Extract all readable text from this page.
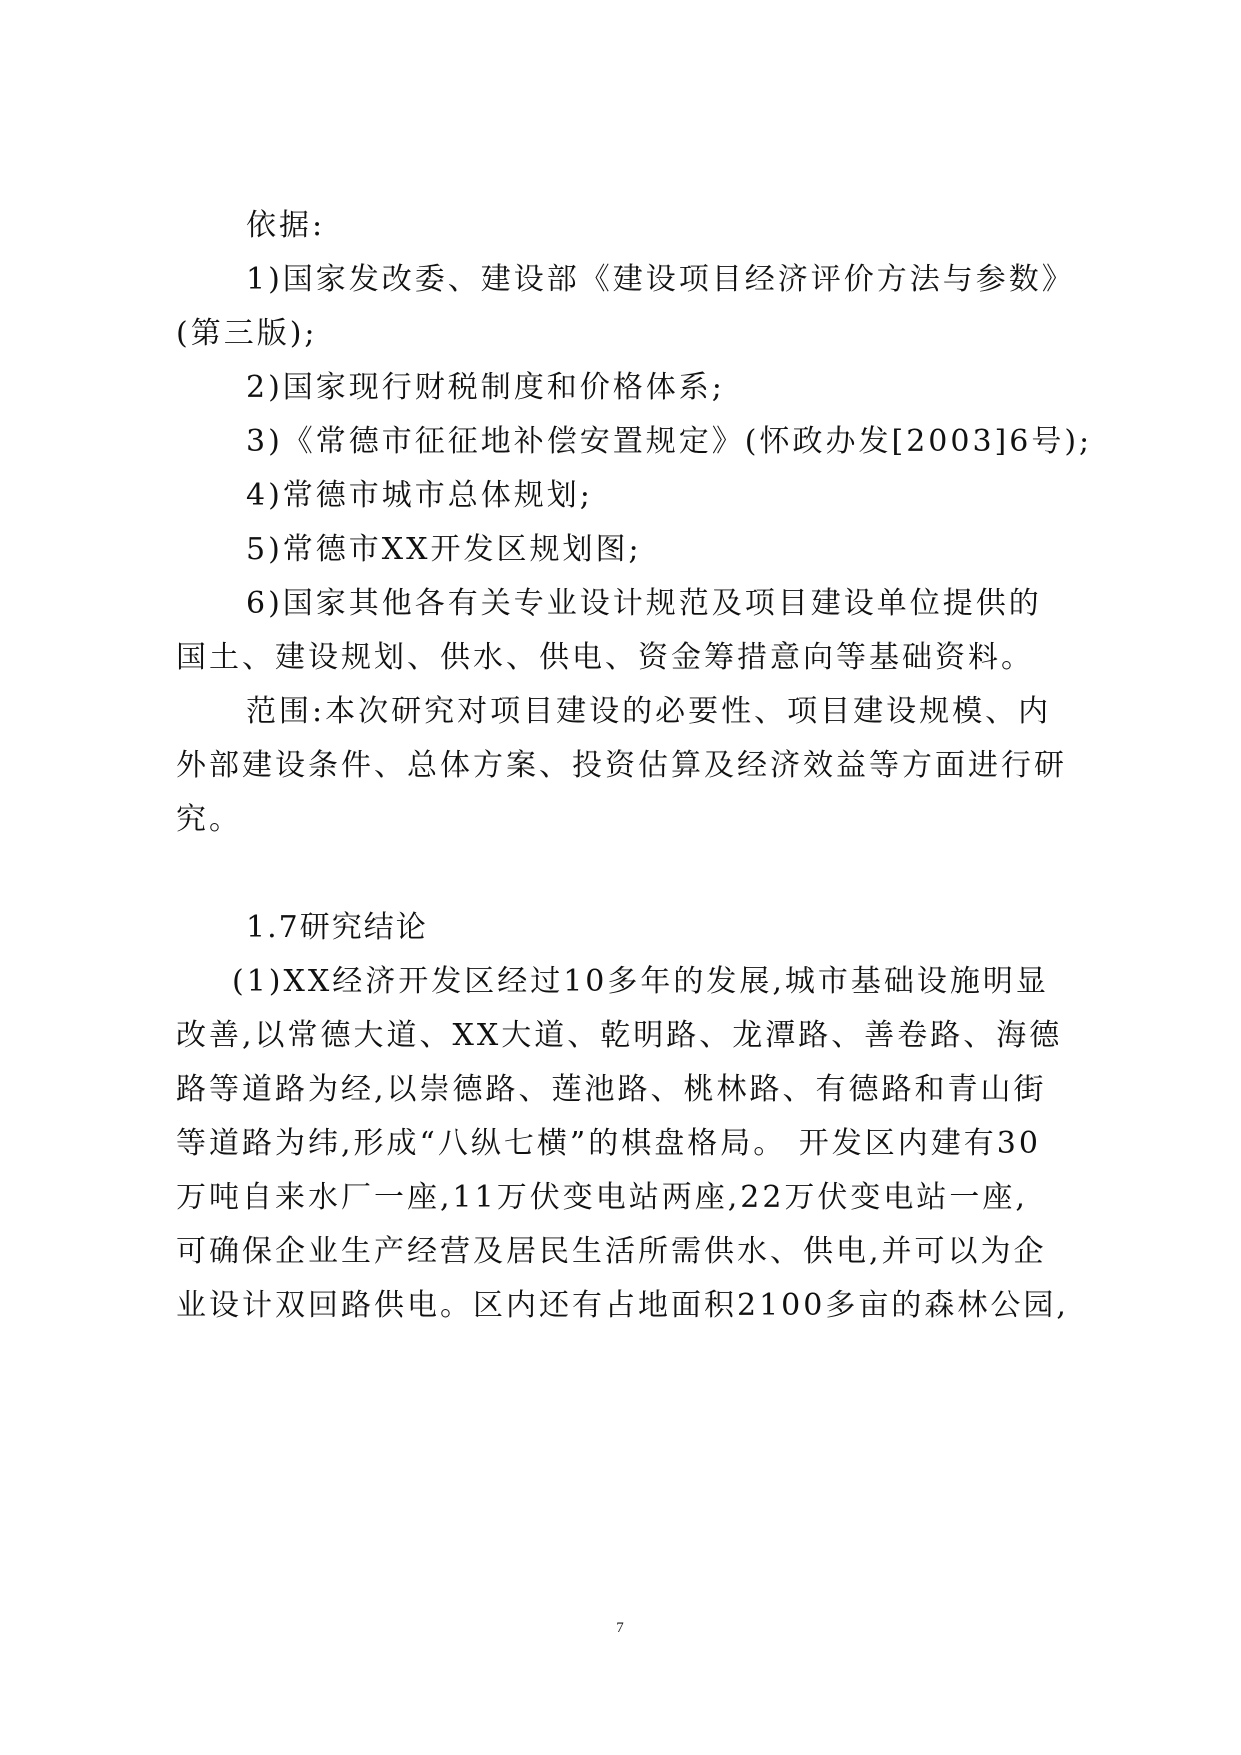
依据:
1)国家发改委、建设部《建设项目经济评价方法与参数》
(第三版);
2)国家现行财税制度和价格体系;
3)《常德市征征地补偿安置规定》(怀政办发[2003]6号);
4)常德市城市总体规划;
5)常德市XX开发区规划图;
6)国家其他各有关专业设计规范及项目建设单位提供的
国土、建设规划、供水、供电、资金筹措意向等基础资料。
范围:本次研究对项目建设的必要性、项目建设规模、内
外部建设条件、总体方案、投资估算及经济效益等方面进行研
究。
1.7研究结论
(1)XX经济开发区经过10多年的发展,城市基础设施明显
改善,以常德大道、XX大道、乾明路、龙潭路、善卷路、海德
路等道路为经,以崇德路、莲池路、桃林路、有德路和青山街
等道路为纬,形成“八纵七横”的棋盘格局。 开发区内建有30
万吨自来水厂一座,11万伏变电站两座,22万伏变电站一座,
可确保企业生产经营及居民生活所需供水、供电,并可以为企
业设计双回路供电。区内还有占地面积2100多亩的森林公园,
7
